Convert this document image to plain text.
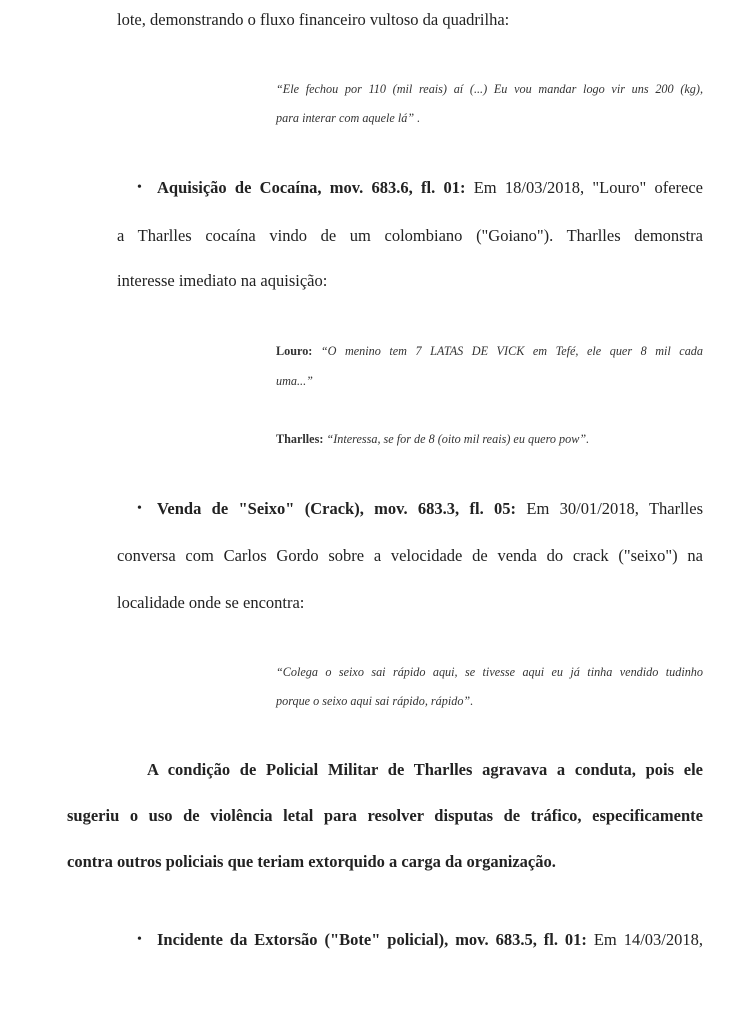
lote, demonstrando o fluxo financeiro vultoso da quadrilha:
“Ele fechou por 110 (mil reais) aí (...) Eu vou mandar logo vir uns 200 (kg),
para interar com aquele lá” .
• Aquisição de Cocaína, mov. 683.6, fl. 01: Em 18/03/2018, "Louro" oferece
a Tharlles cocaína vindo de um colombiano ("Goiano"). Tharlles demonstra
interesse imediato na aquisição:
Louro: “O menino tem 7 LATAS DE VICK em Tefé, ele quer 8 mil cada
uma...”
Tharlles: “Interessa, se for de 8 (oito mil reais) eu quero pow”.
• Venda de "Seixo" (Crack), mov. 683.3, fl. 05: Em 30/01/2018, Tharlles
conversa com Carlos Gordo sobre a velocidade de venda do crack ("seixo") na
localidade onde se encontra:
“Colega o seixo sai rápido aqui, se tivesse aqui eu já tinha vendido tudinho
porque o seixo aqui sai rápido, rápido”.
A condição de Policial Militar de Tharlles agravava a conduta, pois ele
sugeriu o uso de violência letal para resolver disputas de tráfico, especificamente
contra outros policiais que teriam extorquido a carga da organização.
• Incidente da Extorsão ("Bote" policial), mov. 683.5, fl. 01: Em 14/03/2018,
